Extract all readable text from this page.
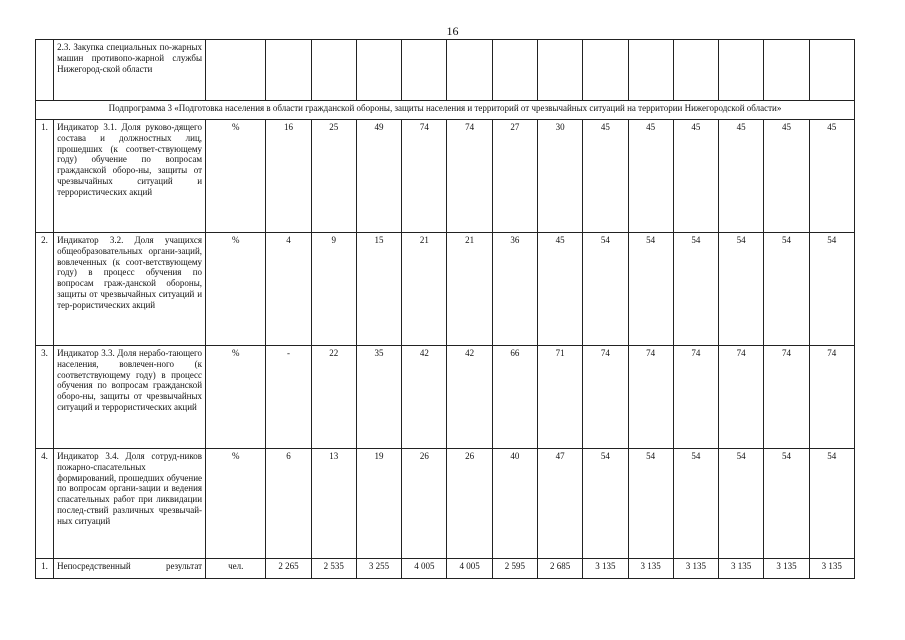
16

	2.3. Закупка специальных по-жарных машин противопо-жарной службы Нижегород-ской области														

Подпрограмма 3 «Подготовка населения в области гражданской обороны, защиты населения и территорий от чрезвычайных ситуаций на территории Нижегородской области»															
1.	Индикатор 3.1. Доля руково-дящего состава и должностных лиц, прошедших (к соответ-ствующему году) обучение по вопросам гражданской оборо-ны, защиты от чрезвычайных ситуаций и террористических акций	%	16	25	49	74	74	27	30	45	45	45	45	45	45
2.	Индикатор 3.2. Доля учащихся общеобразовательных органи-заций, вовлеченных (к соот-ветствующему году) в процесс обучения по вопросам граж-данской обороны, защиты от чрезвычайных ситуаций и тер-рористических акций	%	4	9	15	21	21	36	45	54	54	54	54	54	54
3.	Индикатор 3.3. Доля нерабо-тающего населения, вовлечен-ного (к соответствующему году) в процесс обучения по вопросам гражданской оборо-ны, защиты от чрезвычайных ситуаций и террористических акций	%	-	22	35	42	42	66	71	74	74	74	74	74	74
4.	Индикатор 3.4. Доля сотруд-ников пожарно-спасательных формирований, прошедших обучение по вопросам органи-зации и ведения спасательных работ при ликвидации послед-ствий различных чрезвычай-ных ситуаций	%	6	13	19	26	26	40	47	54	54	54	54	54	54
1.	Непосредственный результат	чел.	2 265	2 535	3 255	4 005	4 005	2 595	2 685	3 135	3 135	3 135	3 135	3 135	3 135
